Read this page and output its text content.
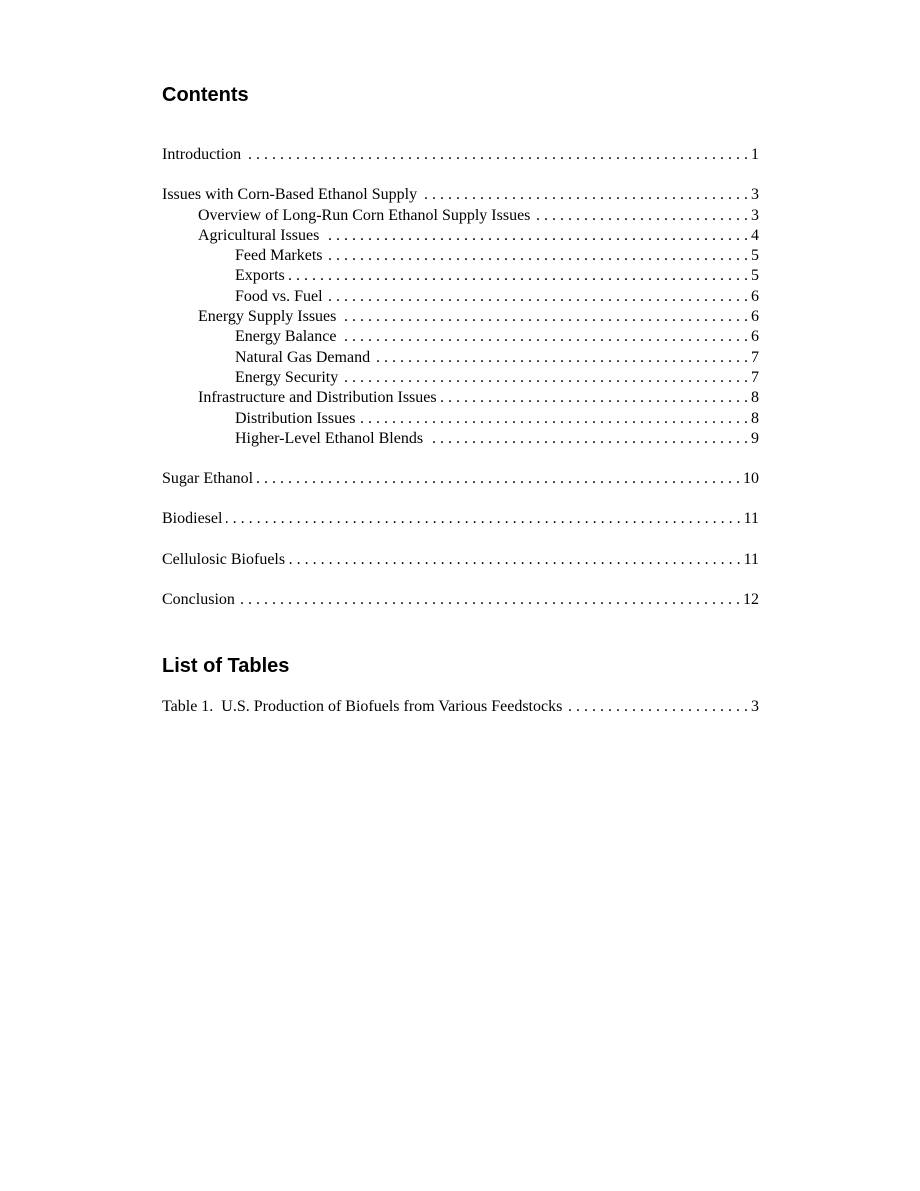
Contents
Introduction . . .	1
Issues with Corn-Based Ethanol Supply . . .	3
Overview of Long-Run Corn Ethanol Supply Issues . . .	3
Agricultural Issues . . .	4
Feed Markets . . .	5
Exports . . .	5
Food vs. Fuel . . .	6
Energy Supply Issues . . .	6
Energy Balance . . .	6
Natural Gas Demand . . .	7
Energy Security . . .	7
Infrastructure and Distribution Issues . . .	8
Distribution Issues . . .	8
Higher-Level Ethanol Blends . . .	9
Sugar Ethanol . . .	10
Biodiesel . . .	11
Cellulosic Biofuels . . .	11
Conclusion . . .	12
List of Tables
Table 1.  U.S. Production of Biofuels from Various Feedstocks . . .	3
